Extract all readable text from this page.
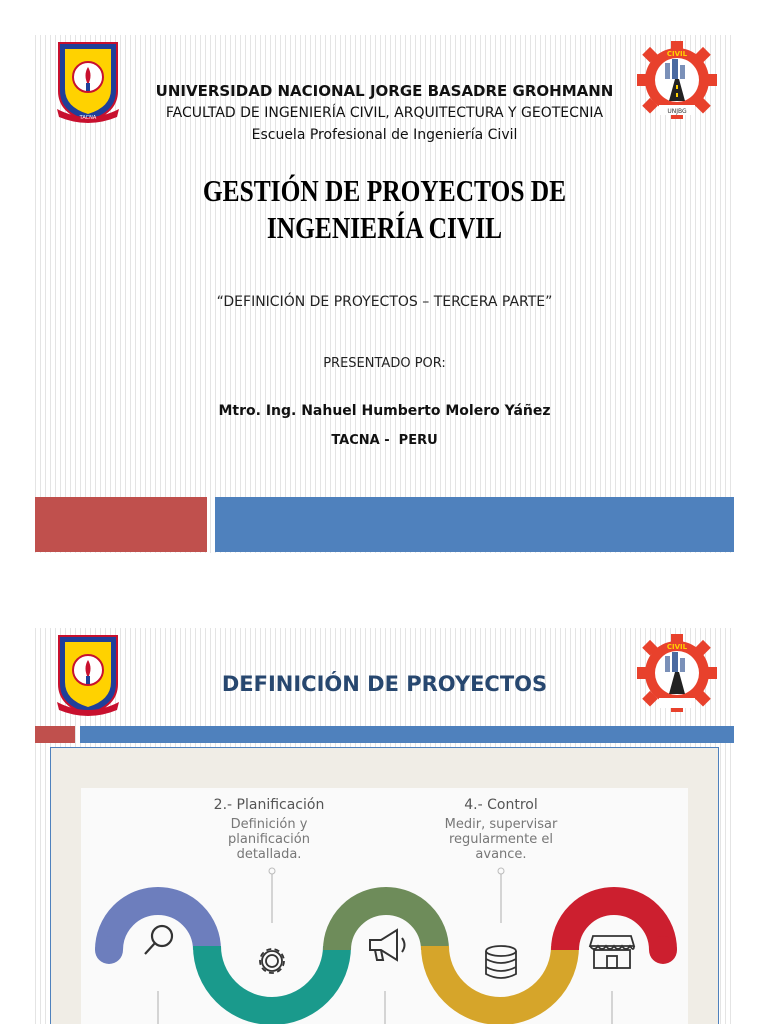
TACNA
UNJBG
CIVIL
UNIVERSIDAD NACIONAL JORGE BASADRE GROHMANN
FACULTAD DE INGENIERÍA CIVIL, ARQUITECTURA Y GEOTECNIA
Escuela Profesional de Ingeniería Civil
GESTIÓN DE PROYECTOS DE
INGENIERÍA CIVIL
“DEFINICIÓN DE PROYECTOS – TERCERA PARTE”
PRESENTADO POR:
Mtro. Ing. Nahuel Humberto Molero Yáñez
TACNA -  PERU
CIVIL
DEFINICIÓN DE PROYECTOS
2.- Planificación
Definición y
planificación
detallada.
4.- Control
Medir, supervisar
regularmente el
avance.
